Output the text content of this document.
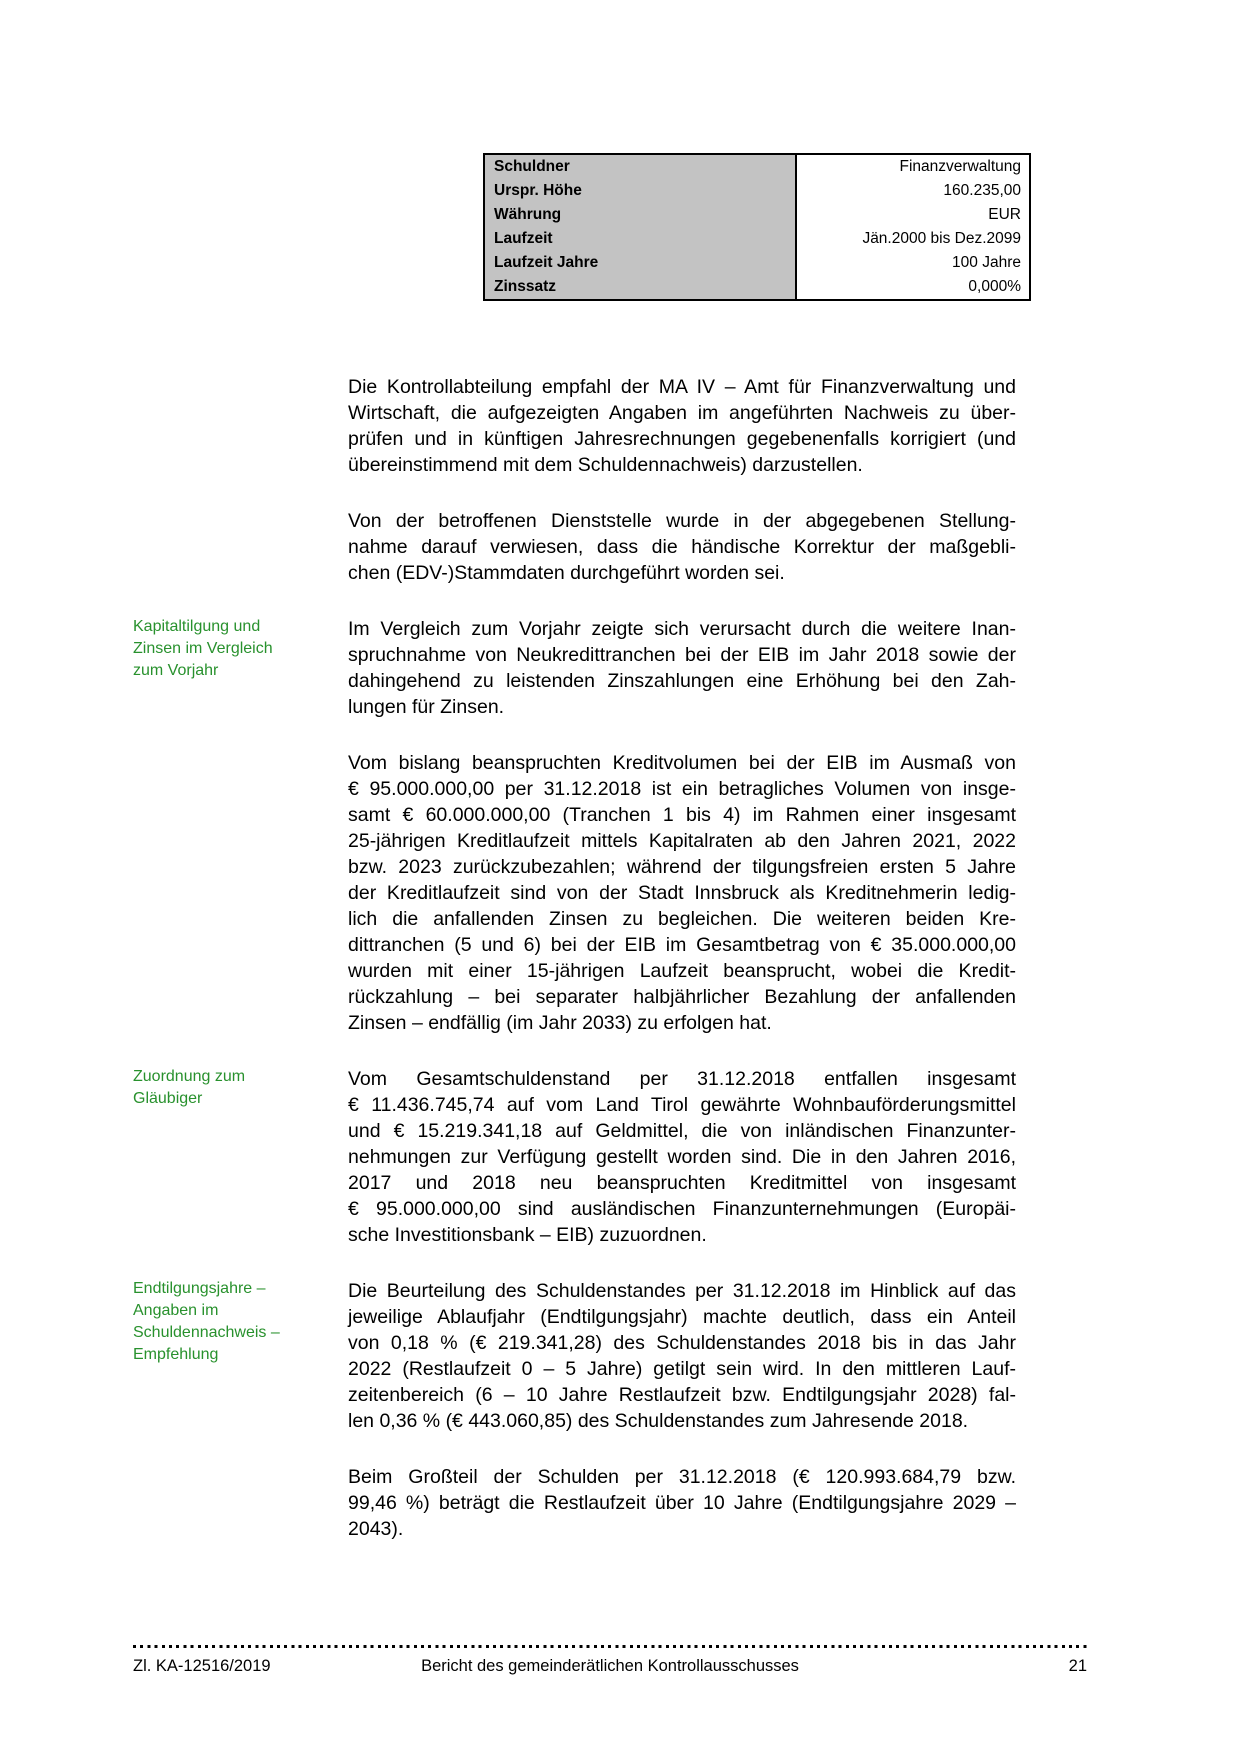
Schuldner	Finanzverwaltung
Urspr. Höhe	160.235,00
Währung	EUR
Laufzeit	Jän.2000 bis Dez.2099
Laufzeit Jahre	100 Jahre
Zinssatz	0,000%
Die Kontrollabteilung empfahl der MA IV – Amt für Finanzverwaltung und
Wirtschaft, die aufgezeigten Angaben im angeführten Nachweis zu über-
prüfen und in künftigen Jahresrechnungen gegebenenfalls korrigiert (und
übereinstimmend mit dem Schuldennachweis) darzustellen.
Von der betroffenen Dienststelle wurde in der abgegebenen Stellung-
nahme darauf verwiesen, dass die händische Korrektur der maßgebli-
chen (EDV-)Stammdaten durchgeführt worden sei.
Kapitaltilgung und
Zinsen im Vergleich
zum Vorjahr
Im Vergleich zum Vorjahr zeigte sich verursacht durch die weitere Inan-
spruchnahme von Neukredittranchen bei der EIB im Jahr 2018 sowie der
dahingehend zu leistenden Zinszahlungen eine Erhöhung bei den Zah-
lungen für Zinsen.
Vom bislang beanspruchten Kreditvolumen bei der EIB im Ausmaß von
€ 95.000.000,00 per 31.12.2018 ist ein betragliches Volumen von insge-
samt € 60.000.000,00 (Tranchen 1 bis 4) im Rahmen einer insgesamt
25-jährigen Kreditlaufzeit mittels Kapitalraten ab den Jahren 2021, 2022
bzw. 2023 zurückzubezahlen; während der tilgungsfreien ersten 5 Jahre
der Kreditlaufzeit sind von der Stadt Innsbruck als Kreditnehmerin ledig-
lich die anfallenden Zinsen zu begleichen. Die weiteren beiden Kre-
dittranchen (5 und 6) bei der EIB im Gesamtbetrag von € 35.000.000,00
wurden mit einer 15-jährigen Laufzeit beansprucht, wobei die Kredit-
rückzahlung – bei separater halbjährlicher Bezahlung der anfallenden
Zinsen – endfällig (im Jahr 2033) zu erfolgen hat.
Zuordnung zum
Gläubiger
Vom Gesamtschuldenstand per 31.12.2018 entfallen insgesamt
€ 11.436.745,74 auf vom Land Tirol gewährte Wohnbauförderungsmittel
und € 15.219.341,18 auf Geldmittel, die von inländischen Finanzunter-
nehmungen zur Verfügung gestellt worden sind. Die in den Jahren 2016,
2017 und 2018 neu beanspruchten Kreditmittel von insgesamt
€ 95.000.000,00 sind ausländischen Finanzunternehmungen (Europäi-
sche Investitionsbank – EIB) zuzuordnen.
Endtilgungsjahre –
Angaben im
Schuldennachweis –
Empfehlung
Die Beurteilung des Schuldenstandes per 31.12.2018 im Hinblick auf das
jeweilige Ablaufjahr (Endtilgungsjahr) machte deutlich, dass ein Anteil
von 0,18 % (€ 219.341,28) des Schuldenstandes 2018 bis in das Jahr
2022 (Restlaufzeit 0 – 5 Jahre) getilgt sein wird. In den mittleren Lauf-
zeitenbereich (6 – 10 Jahre Restlaufzeit bzw. Endtilgungsjahr 2028) fal-
len 0,36 % (€ 443.060,85) des Schuldenstandes zum Jahresende 2018.
Beim Großteil der Schulden per 31.12.2018 (€ 120.993.684,79 bzw.
99,46 %) beträgt die Restlaufzeit über 10 Jahre (Endtilgungsjahre 2029 –
2043).
Zl. KA-12516/2019	Bericht des gemeinderätlichen Kontrollausschusses	21
